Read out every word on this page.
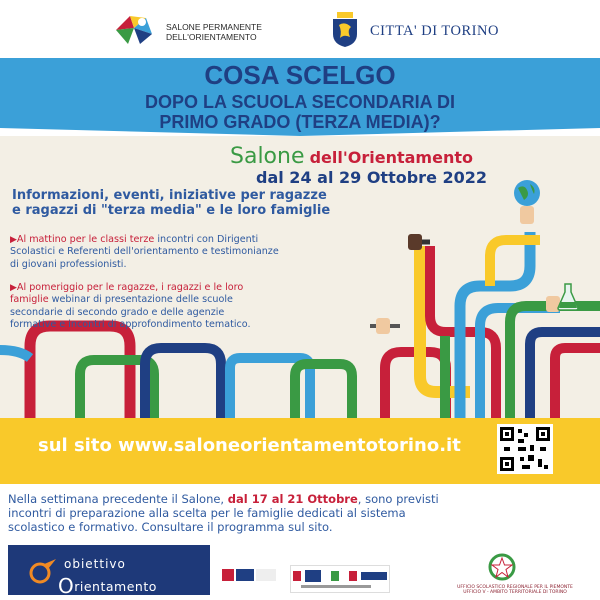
SALONE PERMANENTE
DELL'ORIENTAMENTO	CITTA' DI TORINO
COSA SCELGO
DOPO LA SCUOLA SECONDARIA DI
PRIMO GRADO (TERZA MEDIA)?
Salone dell'Orientamento
dal 24 al 29 Ottobre 2022
Informazioni, eventi, iniziative per ragazze
e ragazzi di "terza media" e le loro famiglie
▶Al mattino per le classi terze incontri con Dirigenti
Scolastici e Referenti dell'orientamento e testimonianze
di giovani professionisti.
▶Al pomeriggio per le ragazze, i ragazzi e le loro
famiglie webinar di presentazione delle scuole
secondarie di secondo grado e delle agenzie
formative e incontri di approfondimento tematico.
sul sito www.saloneorientamentotorino.it
Nella settimana precedente il Salone, dal 17 al 21 Ottobre, sono previsti
incontri di preparazione alla scelta per le famiglie dedicati al sistema
scolastico e formativo. Consultare il programma sul sito.
obiettivo
Orientamento	UFFICIO SCOLASTICO REGIONALE PER IL PIEMONTE
UFFICIO V - AMBITO TERRITORIALE DI TORINO
